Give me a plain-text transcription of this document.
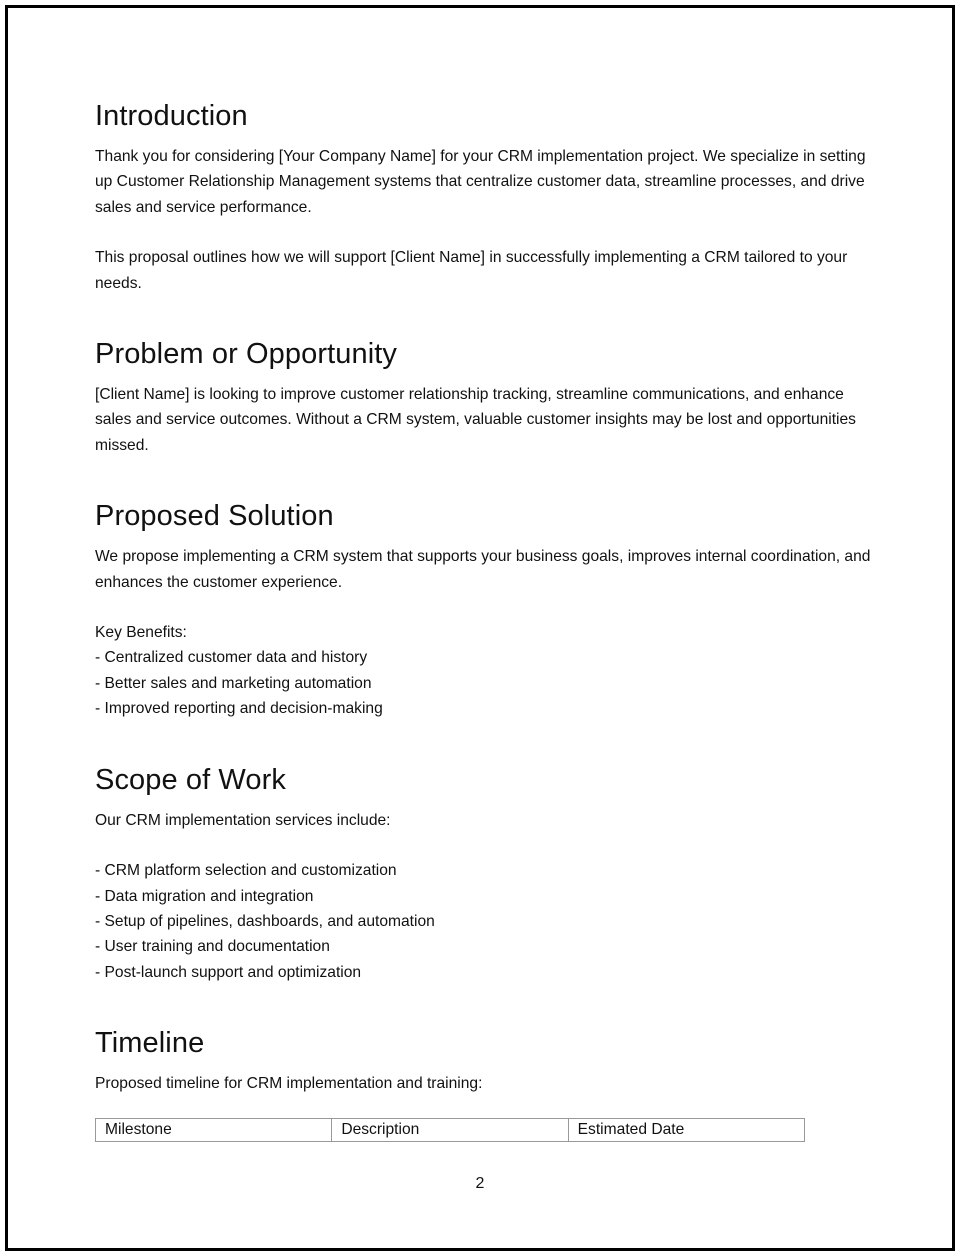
Introduction

Thank you for considering [Your Company Name] for your CRM implementation project. We specialize in setting up Customer Relationship Management systems that centralize customer data, streamline processes, and drive sales and service performance.

This proposal outlines how we will support [Client Name] in successfully implementing a CRM tailored to your needs.

Problem or Opportunity

[Client Name] is looking to improve customer relationship tracking, streamline communications, and enhance sales and service outcomes. Without a CRM system, valuable customer insights may be lost and opportunities missed.

Proposed Solution

We propose implementing a CRM system that supports your business goals, improves internal coordination, and enhances the customer experience.

Key Benefits:

- Centralized customer data and history

- Better sales and marketing automation

- Improved reporting and decision-making

Scope of Work

Our CRM implementation services include:

- CRM platform selection and customization

- Data migration and integration

- Setup of pipelines, dashboards, and automation

- User training and documentation

- Post-launch support and optimization

Timeline

Proposed timeline for CRM implementation and training:

Milestone	Description	Estimated Date
2
